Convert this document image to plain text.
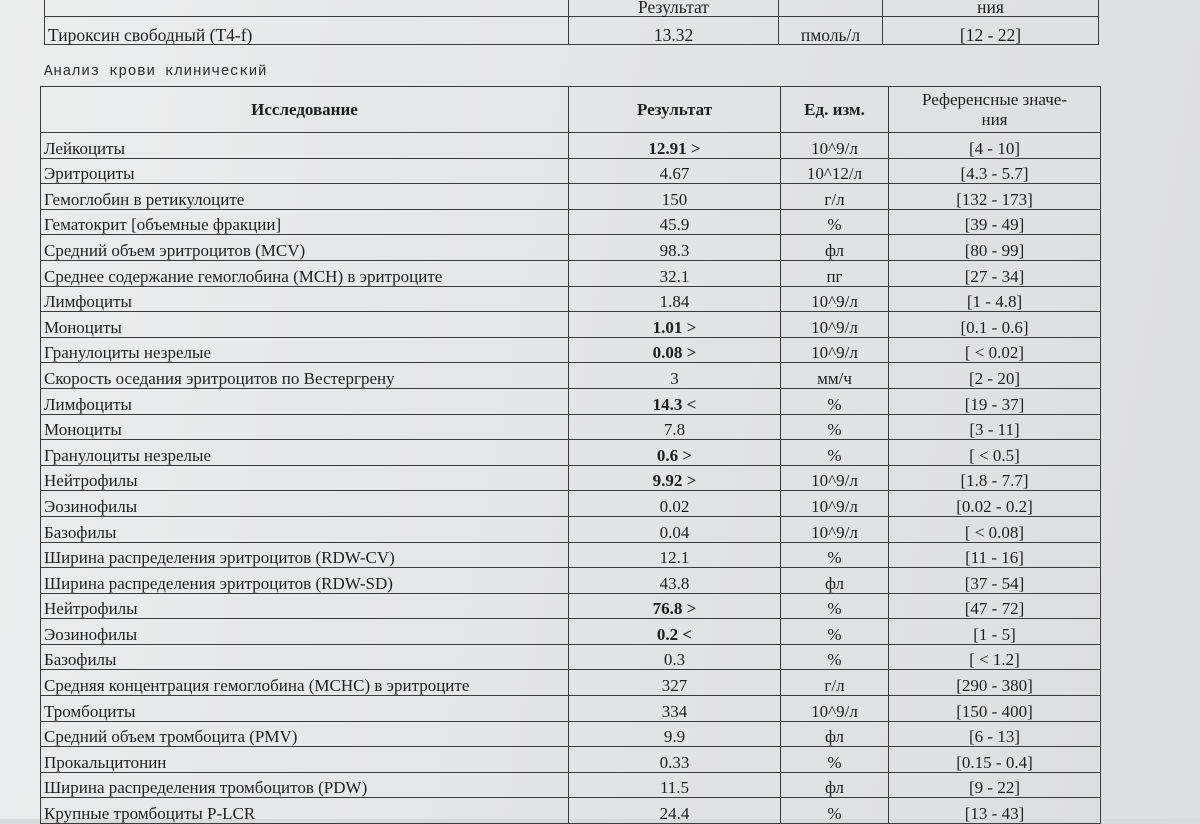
	Результат		ния
Тироксин свободный (T4-f)	13.32	пмоль/л	[12 - 22]
Анализ крови клинический
Исследование	Результат	Ед. изм.	Референсные значе-
ния
Лейкоциты	12.91 >	10^9/л	[4 - 10]
Эритроциты	4.67	10^12/л	[4.3 - 5.7]
Гемоглобин в ретикулоците	150	г/л	[132 - 173]
Гематокрит [объемные фракции]	45.9	%	[39 - 49]
Средний объем эритроцитов (MCV)	98.3	фл	[80 - 99]
Среднее содержание гемоглобина (МСН) в эритроците	32.1	пг	[27 - 34]
Лимфоциты	1.84	10^9/л	[1 - 4.8]
Моноциты	1.01 >	10^9/л	[0.1 - 0.6]
Гранулоциты незрелые	0.08 >	10^9/л	[ < 0.02]
Скорость оседания эритроцитов по Вестергрену	3	мм/ч	[2 - 20]
Лимфоциты	14.3 <	%	[19 - 37]
Моноциты	7.8	%	[3 - 11]
Гранулоциты незрелые	0.6 >	%	[ < 0.5]
Нейтрофилы	9.92 >	10^9/л	[1.8 - 7.7]
Эозинофилы	0.02	10^9/л	[0.02 - 0.2]
Базофилы	0.04	10^9/л	[ < 0.08]
Ширина распределения эритроцитов (RDW-CV)	12.1	%	[11 - 16]
Ширина распределения эритроцитов (RDW-SD)	43.8	фл	[37 - 54]
Нейтрофилы	76.8 >	%	[47 - 72]
Эозинофилы	0.2 <	%	[1 - 5]
Базофилы	0.3	%	[ < 1.2]
Средняя концентрация гемоглобина (МСНС) в эритроците	327	г/л	[290 - 380]
Тромбоциты	334	10^9/л	[150 - 400]
Средний объем тромбоцита (PMV)	9.9	фл	[6 - 13]
Прокальцитонин	0.33	%	[0.15 - 0.4]
Ширина распределения тромбоцитов (PDW)	11.5	фл	[9 - 22]
Крупные тромбоциты P-LCR	24.4	%	[13 - 43]
